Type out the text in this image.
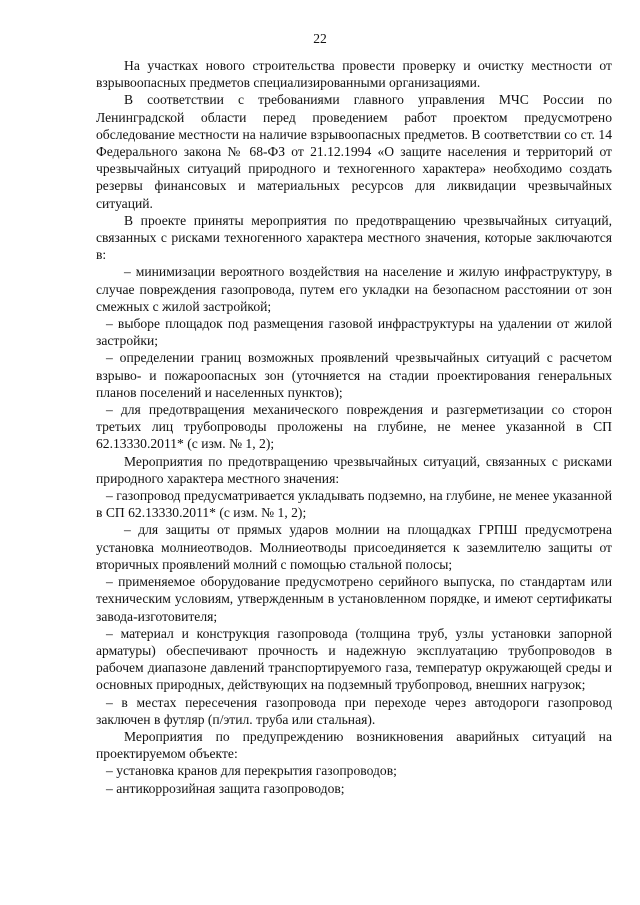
22

На участках нового строительства провести проверку и очистку местности от взрывоопасных предметов специализированными организациями.

В соответствии с требованиями главного управления МЧС России по Ленинградской области перед проведением работ проектом предусмотрено обследование местности на наличие взрывоопасных предметов. В соответствии со ст. 14 Федерального закона № 68-ФЗ от 21.12.1994 «О защите населения и территорий от чрезвычайных ситуаций природного и техногенного характера» необходимо создать резервы финансовых и материальных ресурсов для ликвидации чрезвычайных ситуаций.

В проекте приняты мероприятия по предотвращению чрезвычайных ситуаций, связанных с рисками техногенного характера местного значения, которые заключаются в:

– минимизации вероятного воздействия на население и жилую инфраструктуру, в случае повреждения газопровода, путем его укладки на безопасном расстоянии от зон смежных с жилой застройкой;

– выборе площадок под размещения газовой инфраструктуры на удалении от жилой застройки;

– определении границ возможных проявлений чрезвычайных ситуаций с расчетом взрыво- и пожароопасных зон (уточняется на стадии проектирования генеральных планов поселений и населенных пунктов);

– для предотвращения механического повреждения и разгерметизации со сторон третьих лиц трубопроводы проложены на глубине, не менее указанной в СП 62.13330.2011* (с изм. № 1, 2);

Мероприятия по предотвращению чрезвычайных ситуаций, связанных с рисками природного характера местного значения:

– газопровод предусматривается укладывать подземно, на глубине, не менее указанной в СП 62.13330.2011* (с изм. № 1, 2);

– для защиты от прямых ударов молнии на площадках ГРПШ предусмотрена установка молниеотводов. Молниеотводы присоединяется к заземлителю защиты от вторичных проявлений молний с помощью стальной полосы;

– применяемое оборудование предусмотрено серийного выпуска, по стандартам или техническим условиям, утвержденным в установленном порядке, и имеют сертификаты завода-изготовителя;

– материал и конструкция газопровода (толщина труб, узлы установки запорной арматуры) обеспечивают прочность и надежную эксплуатацию трубопроводов в рабочем диапазоне давлений транспортируемого газа, температур окружающей среды и основных природных, действующих на подземный трубопровод, внешних нагрузок;

– в местах пересечения газопровода при переходе через автодороги газопровод заключен в футляр (п/этил. труба или стальная).

Мероприятия по предупреждению возникновения аварийных ситуаций на проектируемом объекте:

– установка кранов для перекрытия газопроводов;

– антикоррозийная защита газопроводов;
